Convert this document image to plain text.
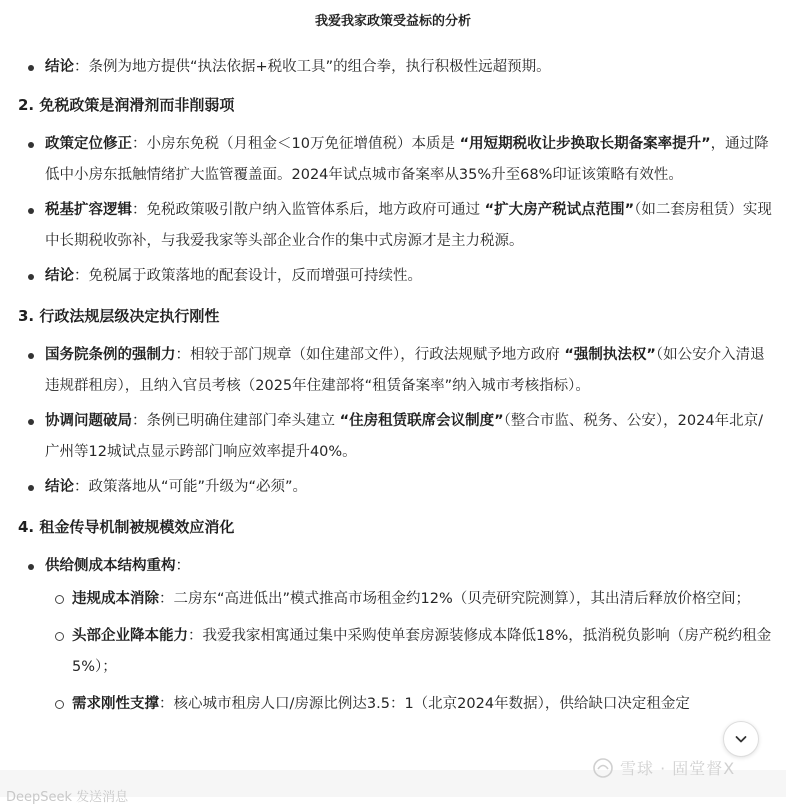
我爱我家政策受益标的分析
结论：条例为地方提供“执法依据+税收工具”的组合拳，执行积极性远超预期。
2. 免税政策是润滑剂而非削弱项
政策定位修正：小房东免税（月租金＜10万免征增值税）本质是 “用短期税收让步换取长期备案率提升”，通过降低中小房东抵触情绪扩大监管覆盖面。2024年试点城市备案率从35%升至68%印证该策略有效性。
税基扩容逻辑：免税政策吸引散户纳入监管体系后，地方政府可通过 “扩大房产税试点范围”（如二套房租赁）实现中长期税收弥补，与我爱我家等头部企业合作的集中式房源才是主力税源。
结论：免税属于政策落地的配套设计，反而增强可持续性。
3. 行政法规层级决定执行刚性
国务院条例的强制力：相较于部门规章（如住建部文件），行政法规赋予地方政府 “强制执法权”（如公安介入清退违规群租房），且纳入官员考核（2025年住建部将“租赁备案率”纳入城市考核指标）。
协调问题破局：条例已明确住建部门牵头建立 “住房租赁联席会议制度”（整合市监、税务、公安），2024年北京/广州等12城试点显示跨部门响应效率提升40%。
结论：政策落地从“可能”升级为“必须”。
4. 租金传导机制被规模效应消化
供给侧成本结构重构：
违规成本消除：二房东“高进低出”模式推高市场租金约12%（贝壳研究院测算），其出清后释放价格空间；
头部企业降本能力：我爱我家相寓通过集中采购使单套房源装修成本降低18%，抵消税负影响（房产税约租金5%）；
需求刚性支撑：核心城市租房人口/房源比例达3.5：1（北京2024年数据），供给缺口决定租金定
DeepSeek 发送消息
雪球 · 固堂督X
